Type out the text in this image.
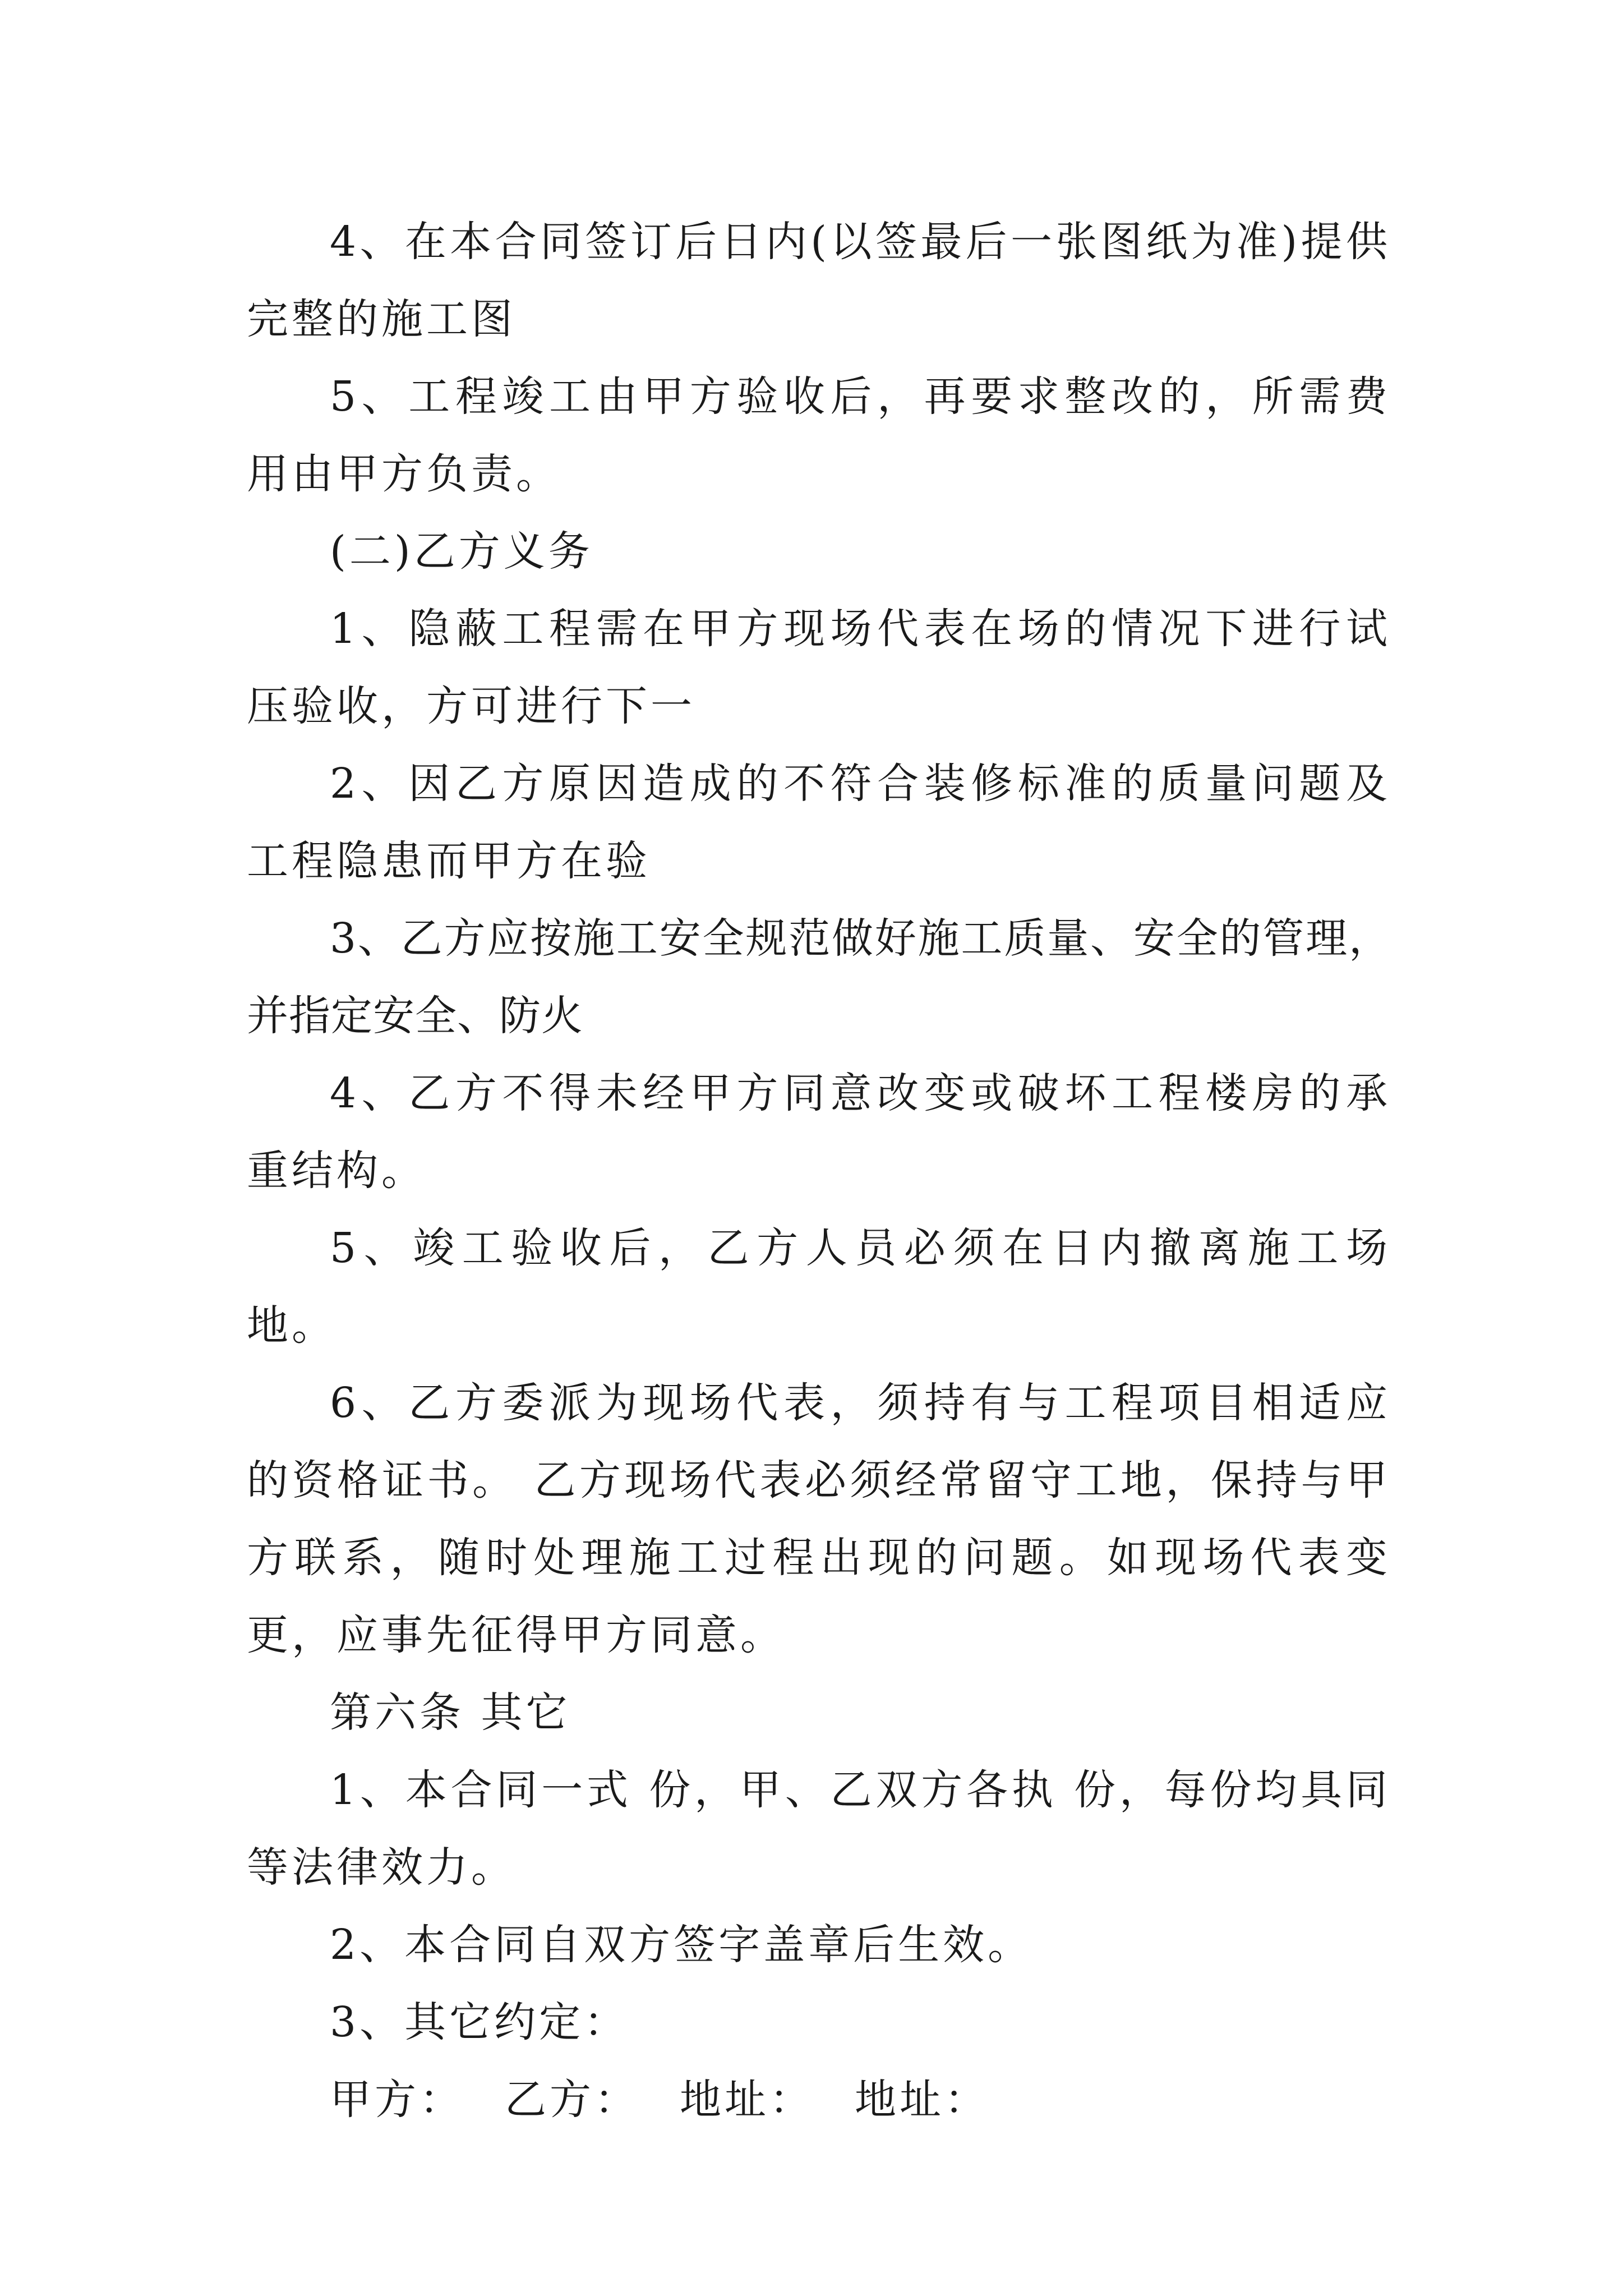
4、在本合同签订后日内(以签最后一张图纸为准)提供完整的施工图

5、工程竣工由甲方验收后，再要求整改的，所需费用由甲方负责。

(二)乙方义务

1、隐蔽工程需在甲方现场代表在场的情况下进行试压验收，方可进行下一

2、因乙方原因造成的不符合装修标准的质量问题及工程隐患而甲方在验

3、乙方应按施工安全规范做好施工质量、安全的管理，并指定安全、防火

4、乙方不得未经甲方同意改变或破坏工程楼房的承重结构。

5、竣工验收后，乙方人员必须在日内撤离施工场地。

6、乙方委派为现场代表，须持有与工程项目相适应的资格证书。 乙方现场代表必须经常留守工地，保持与甲方联系，随时处理施工过程出现的问题。如现场代表变更，应事先征得甲方同意。

第六条 其它

1、本合同一式 份，甲、乙双方各执 份，每份均具同等法律效力。

2、本合同自双方签字盖章后生效。

3、其它约定：

甲方： 乙方： 地址： 地址：
